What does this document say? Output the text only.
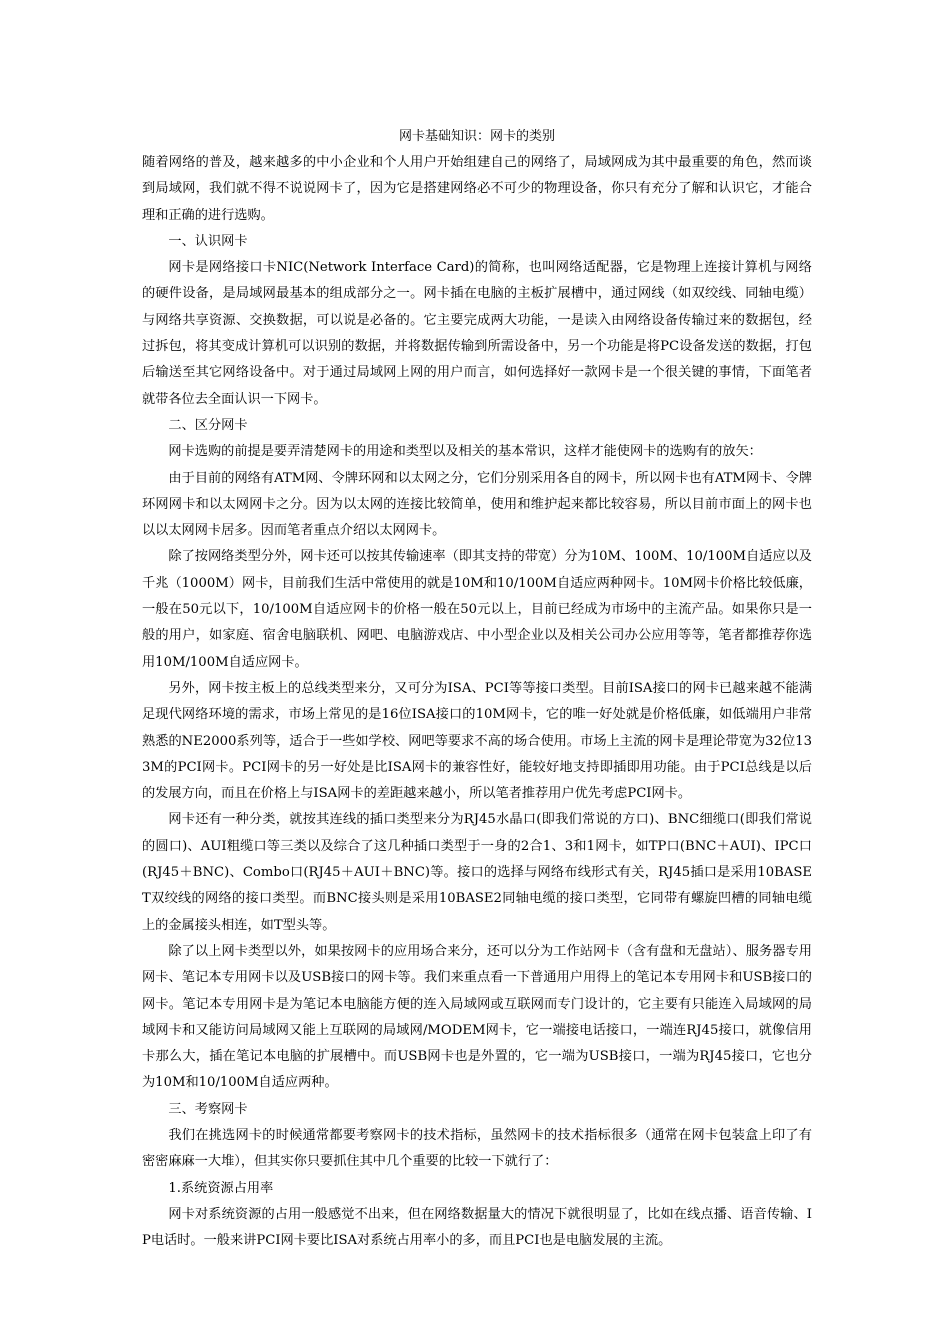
网卡基础知识：网卡的类别

随着网络的普及，越来越多的中小企业和个人用户开始组建自己的网络了，局域网成为其中最重要的角色，然而谈到局域网，我们就不得不说说网卡了，因为它是搭建网络必不可少的物理设备，你只有充分了解和认识它，才能合理和正确的进行选购。

一、认识网卡

网卡是网络接口卡NIC(Network Interface Card)的简称，也叫网络适配器，它是物理上连接计算机与网络的硬件设备，是局域网最基本的组成部分之一。网卡插在电脑的主板扩展槽中，通过网线（如双绞线、同轴电缆）与网络共享资源、交换数据，可以说是必备的。它主要完成两大功能，一是读入由网络设备传输过来的数据包，经过拆包，将其变成计算机可以识别的数据，并将数据传输到所需设备中，另一个功能是将PC设备发送的数据，打包后输送至其它网络设备中。对于通过局域网上网的用户而言，如何选择好一款网卡是一个很关键的事情，下面笔者就带各位去全面认识一下网卡。

二、区分网卡

网卡选购的前提是要弄清楚网卡的用途和类型以及相关的基本常识，这样才能使网卡的选购有的放矢：

由于目前的网络有ATM网、令牌环网和以太网之分，它们分别采用各自的网卡，所以网卡也有ATM网卡、令牌环网网卡和以太网网卡之分。因为以太网的连接比较简单，使用和维护起来都比较容易，所以目前市面上的网卡也以以太网网卡居多。因而笔者重点介绍以太网网卡。

除了按网络类型分外，网卡还可以按其传输速率（即其支持的带宽）分为10M、100M、10/100M自适应以及千兆（1000M）网卡，目前我们生活中常使用的就是10M和10/100M自适应两种网卡。10M网卡价格比较低廉，一般在50元以下，10/100M自适应网卡的价格一般在50元以上，目前已经成为市场中的主流产品。如果你只是一般的用户，如家庭、宿舍电脑联机、网吧、电脑游戏店、中小型企业以及相关公司办公应用等等，笔者都推荐你选用10M/100M自适应网卡。

另外，网卡按主板上的总线类型来分，又可分为ISA、PCI等等接口类型。目前ISA接口的网卡已越来越不能满足现代网络环境的需求，市场上常见的是16位ISA接口的10M网卡，它的唯一好处就是价格低廉，如低端用户非常熟悉的NE2000系列等，适合于一些如学校、网吧等要求不高的场合使用。市场上主流的网卡是理论带宽为32位133M的PCI网卡。PCI网卡的另一好处是比ISA网卡的兼容性好，能较好地支持即插即用功能。由于PCI总线是以后的发展方向，而且在价格上与ISA网卡的差距越来越小，所以笔者推荐用户优先考虑PCI网卡。

网卡还有一种分类，就按其连线的插口类型来分为RJ45水晶口(即我们常说的方口)、BNC细缆口(即我们常说的圆口)、AUI粗缆口等三类以及综合了这几种插口类型于一身的2合1、3和1网卡，如TP口(BNC＋AUI)、IPC口(RJ45＋BNC)、Combo口(RJ45＋AUI＋BNC)等。接口的选择与网络布线形式有关，RJ45插口是采用10BASET双绞线的网络的接口类型。而BNC接头则是采用10BASE2同轴电缆的接口类型，它同带有螺旋凹槽的同轴电缆上的金属接头相连，如T型头等。

除了以上网卡类型以外，如果按网卡的应用场合来分，还可以分为工作站网卡（含有盘和无盘站）、服务器专用网卡、笔记本专用网卡以及USB接口的网卡等。我们来重点看一下普通用户用得上的笔记本专用网卡和USB接口的网卡。笔记本专用网卡是为笔记本电脑能方便的连入局域网或互联网而专门设计的，它主要有只能连入局域网的局域网卡和又能访问局域网又能上互联网的局域网/MODEM网卡，它一端接电话接口，一端连RJ45接口，就像信用卡那么大，插在笔记本电脑的扩展槽中。而USB网卡也是外置的，它一端为USB接口，一端为RJ45接口，它也分为10M和10/100M自适应两种。

三、考察网卡

我们在挑选网卡的时候通常都要考察网卡的技术指标，虽然网卡的技术指标很多（通常在网卡包装盒上印了有密密麻麻一大堆），但其实你只要抓住其中几个重要的比较一下就行了：

1.系统资源占用率

网卡对系统资源的占用一般感觉不出来，但在网络数据量大的情况下就很明显了，比如在线点播、语音传输、IP电话时。一般来讲PCI网卡要比ISA对系统占用率小的多，而且PCI也是电脑发展的主流。
